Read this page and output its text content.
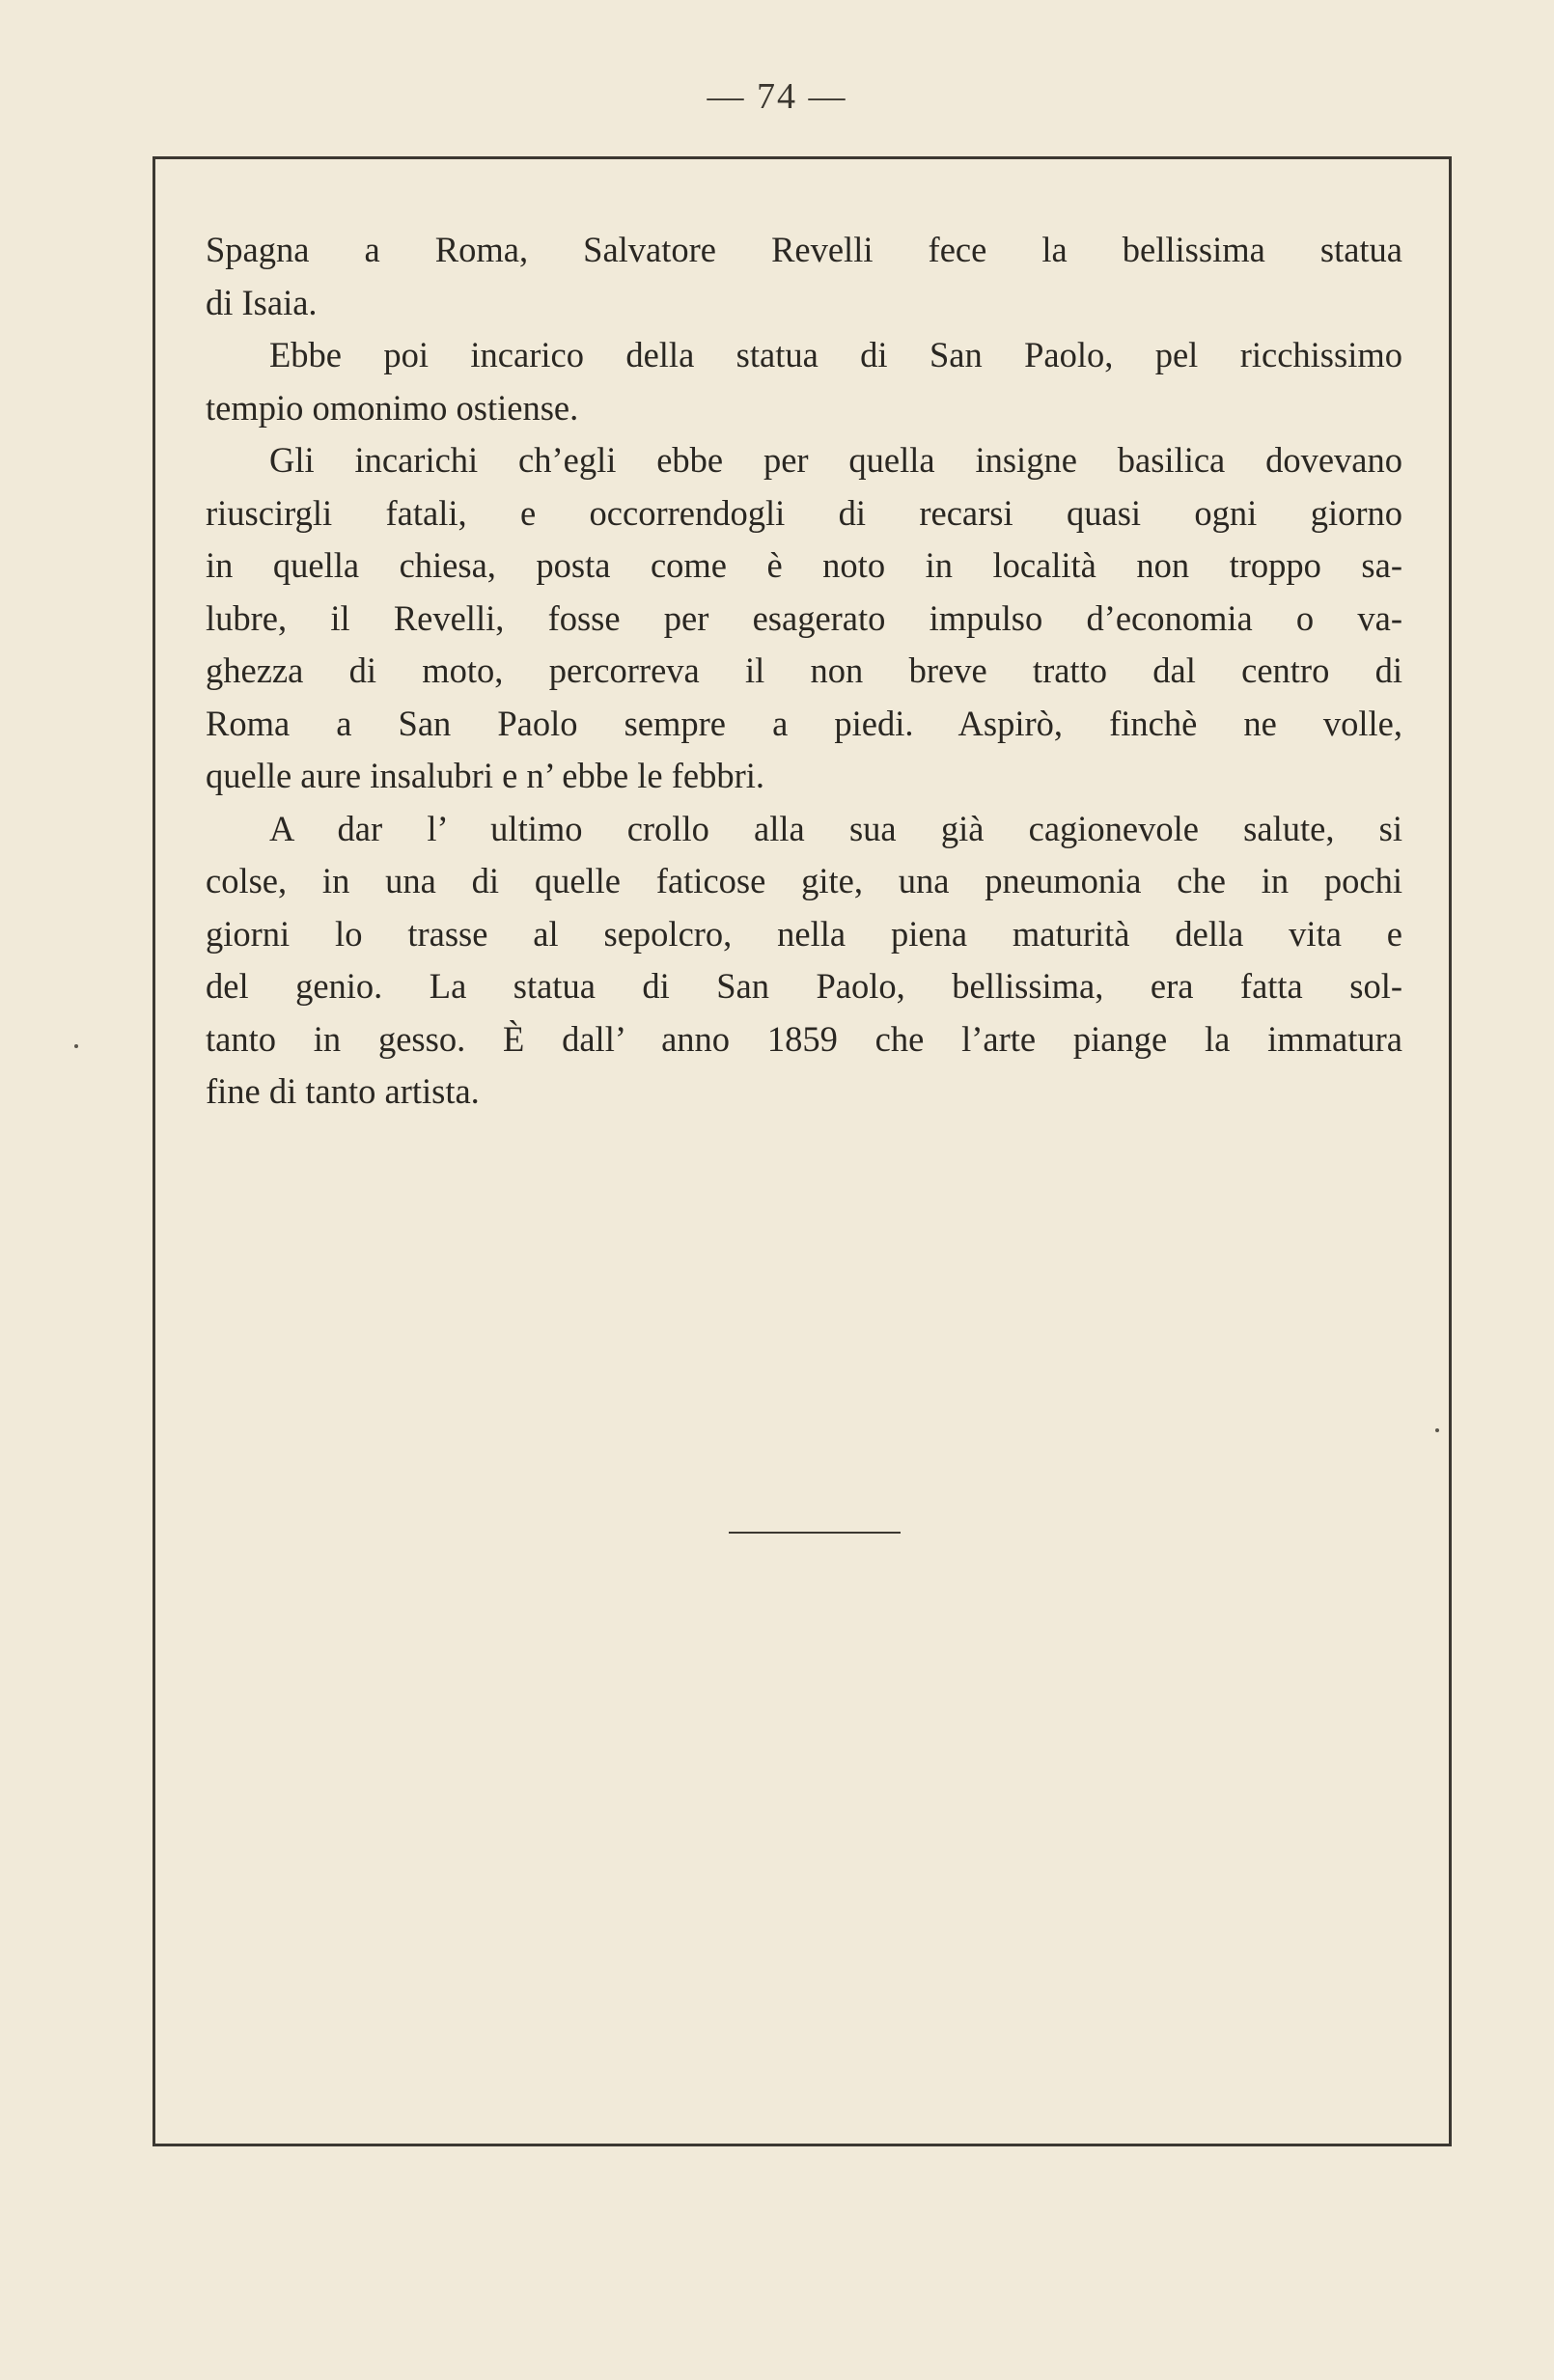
— 74 —
Spagna a Roma, Salvatore Revelli fece la bellissima statua
di Isaia.
Ebbe poi incarico della statua di San Paolo, pel ricchissimo
tempio omonimo ostiense.
Gli incarichi ch’egli ebbe per quella insigne basilica dovevano
riuscirgli fatali, e occorrendogli di recarsi quasi ogni giorno
in quella chiesa, posta come è noto in località non troppo sa-
lubre, il Revelli, fosse per esagerato impulso d’economia o va-
ghezza di moto, percorreva il non breve tratto dal centro di
Roma a San Paolo sempre a piedi. Aspirò, finchè ne volle,
quelle aure insalubri e n’ ebbe le febbri.
A dar l’ ultimo crollo alla sua già cagionevole salute, si
colse, in una di quelle faticose gite, una pneumonia che in pochi
giorni lo trasse al sepolcro, nella piena maturità della vita e
del genio. La statua di San Paolo, bellissima, era fatta sol-
tanto in gesso. È dall’ anno 1859 che l’arte piange la immatura
fine di tanto artista.
